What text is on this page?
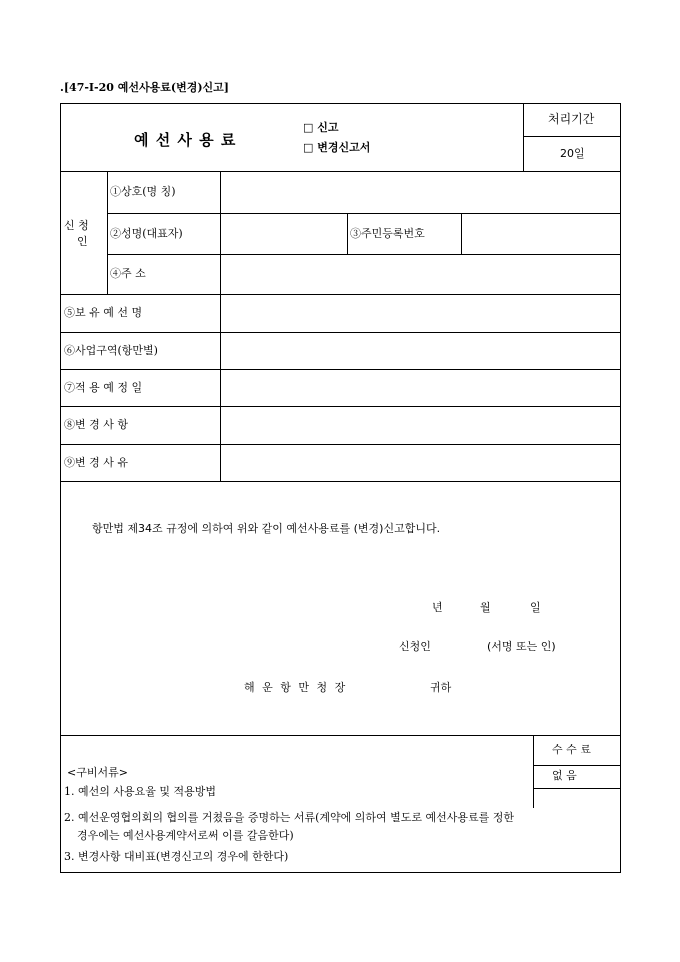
.[47-I-20 예선사용료(변경)신고]
예 선 사 용 료
□ 신고
□ 변경신고서
처리기간
20일
신 청
인
①상호(명 칭)
②성명(대표자)	③주민등록번호
④주 소
⑤보 유 예 선 명
⑥사업구역(항만별)
⑦적 용 예 정 일
⑧변 경 사 항
⑨변 경 사 유
항만법 제34조 규정에 의하여 위와 같이 예선사용료를 (변경)신고합니다.
년	월	일
신청인	(서명 또는 인)
해 운 항 만 청 장	귀하
<구비서류>
1. 예선의 사용요율 및 적용방법
2. 예선운영협의회의 협의를 거쳤음을 증명하는 서류(계약에 의하여 별도로 예선사용료를 정한
경우에는 예선사용계약서로써 이를 갈음한다)
3. 변경사항 대비표(변경신고의 경우에 한한다)
수 수 료
없 음
